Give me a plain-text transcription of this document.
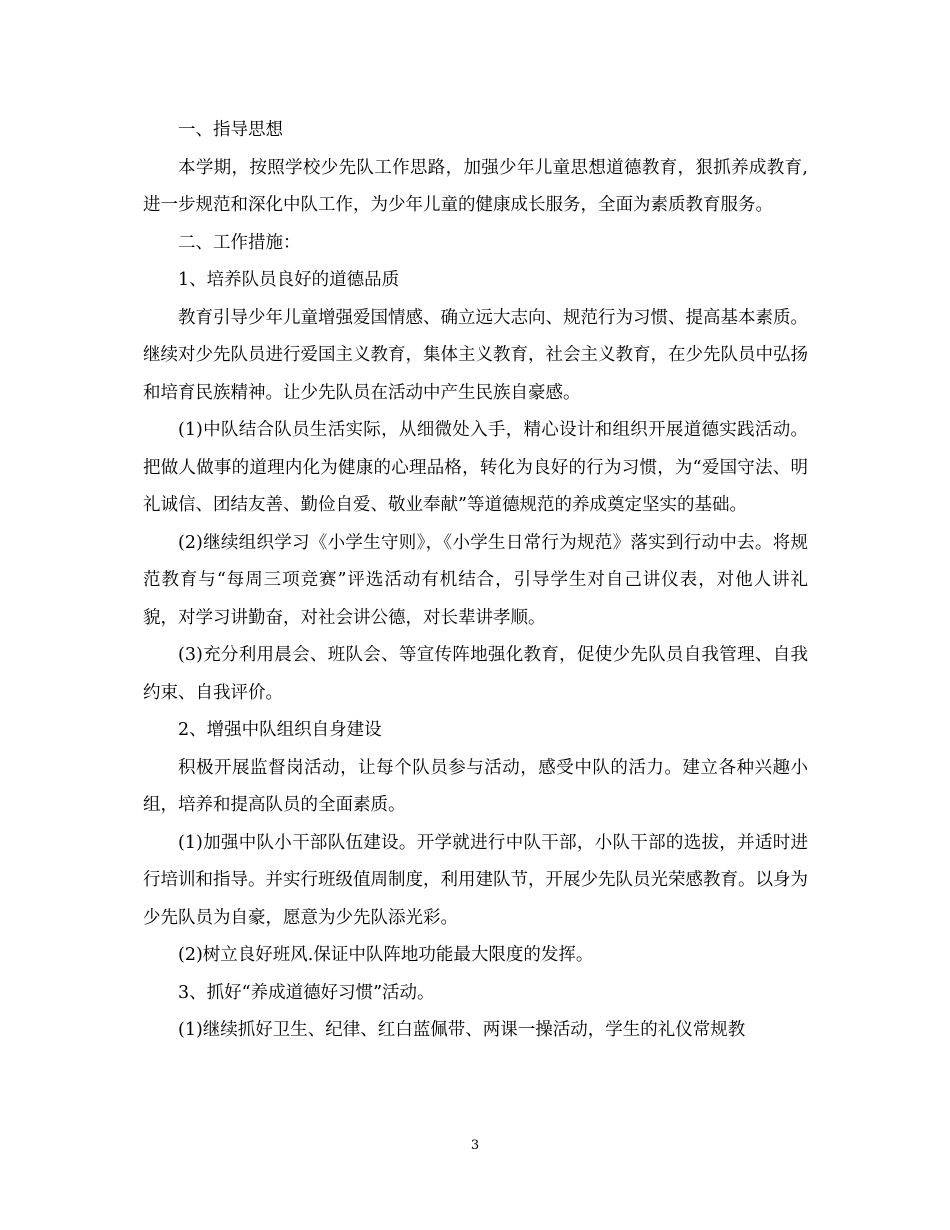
一、指导思想

本学期，按照学校少先队工作思路，加强少年儿童思想道德教育，狠抓养成教育,进一步规范和深化中队工作，为少年儿童的健康成长服务，全面为素质教育服务。

二、工作措施：

1、培养队员良好的道德品质

教育引导少年儿童增强爱国情感、确立远大志向、规范行为习惯、提高基本素质。继续对少先队员进行爱国主义教育，集体主义教育，社会主义教育，在少先队员中弘扬和培育民族精神。让少先队员在活动中产生民族自豪感。

(1)中队结合队员生活实际，从细微处入手，精心设计和组织开展道德实践活动。把做人做事的道理内化为健康的心理品格，转化为良好的行为习惯，为“爱国守法、明礼诚信、团结友善、勤俭自爱、敬业奉献”等道德规范的养成奠定坚实的基础。

(2)继续组织学习《小学生守则》，《小学生日常行为规范》落实到行动中去。将规范教育与“每周三项竞赛”评选活动有机结合，引导学生对自己讲仪表，对他人讲礼貌，对学习讲勤奋，对社会讲公德，对长辈讲孝顺。

(3)充分利用晨会、班队会、等宣传阵地强化教育，促使少先队员自我管理、自我约束、自我评价。

2、增强中队组织自身建设

积极开展监督岗活动，让每个队员参与活动，感受中队的活力。建立各种兴趣小组，培养和提高队员的全面素质。

(1)加强中队小干部队伍建设。开学就进行中队干部，小队干部的选拔，并适时进行培训和指导。并实行班级值周制度，利用建队节，开展少先队员光荣感教育。以身为少先队员为自豪，愿意为少先队添光彩。

(2)树立良好班风.保证中队阵地功能最大限度的发挥。

3、抓好“养成道德好习惯”活动。

(1)继续抓好卫生、纪律、红白蓝佩带、两课一操活动，学生的礼仪常规教

3
